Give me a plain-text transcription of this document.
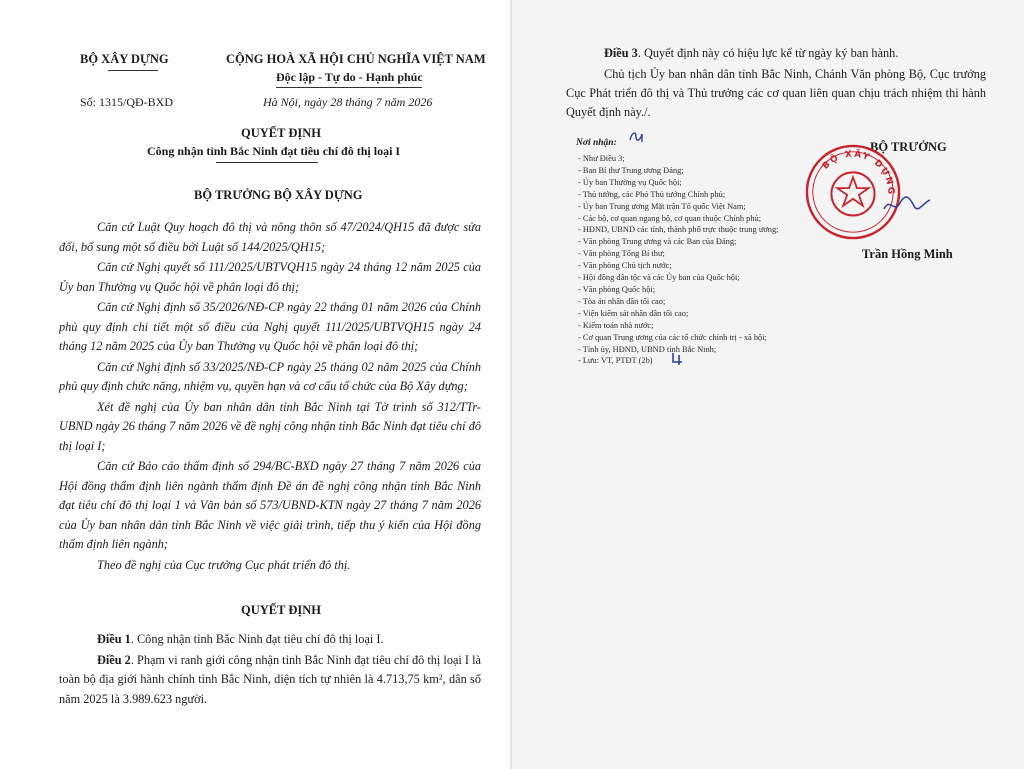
BỘ XÂY DỰNG
Số: 1315/QĐ-BXD
CỘNG HOÀ XÃ HỘI CHỦ NGHĨA VIỆT NAM
Độc lập - Tự do - Hạnh phúc
Hà Nội, ngày 28 tháng 7 năm 2026
QUYẾT ĐỊNH
Công nhận tỉnh Bắc Ninh đạt tiêu chí đô thị loại I
BỘ TRƯỞNG BỘ XÂY DỰNG

Căn cứ Luật Quy hoạch đô thị và nông thôn số 47/2024/QH15 đã được sửa đổi, bổ sung một số điều bởi Luật số 144/2025/QH15;

Căn cứ Nghị quyết số 111/2025/UBTVQH15 ngày 24 tháng 12 năm 2025 của Ủy ban Thường vụ Quốc hội về phân loại đô thị;

Căn cứ Nghị định số 35/2026/NĐ-CP ngày 22 tháng 01 năm 2026 của Chính phủ quy định chi tiết một số điều của Nghị quyết 111/2025/UBTVQH15 ngày 24 tháng 12 năm 2025 của Ủy ban Thường vụ Quốc hội về phân loại đô thị;

Căn cứ Nghị định số 33/2025/NĐ-CP ngày 25 tháng 02 năm 2025 của Chính phủ quy định chức năng, nhiệm vụ, quyền hạn và cơ cấu tổ chức của Bộ Xây dựng;

Xét đề nghị của Ủy ban nhân dân tỉnh Bắc Ninh tại Tờ trình số 312/TTr-UBND ngày 26 tháng 7 năm 2026 về đề nghị công nhận tỉnh Bắc Ninh đạt tiêu chí đô thị loại I;

Căn cứ Báo cáo thẩm định số 294/BC-BXD ngày 27 tháng 7 năm 2026 của Hội đồng thẩm định liên ngành thẩm định Đề án đề nghị công nhận tỉnh Bắc Ninh đạt tiêu chí đô thị loại 1 và Văn bản số 573/UBND-KTN ngày 27 tháng 7 năm 2026 của Ủy ban nhân dân tỉnh Bắc Ninh về việc giải trình, tiếp thu ý kiến của Hội đồng thẩm định liên ngành;

Theo đề nghị của Cục trưởng Cục phát triển đô thị.

QUYẾT ĐỊNH

Điều 1. Công nhận tỉnh Bắc Ninh đạt tiêu chí đô thị loại I.

Điều 2. Phạm vi ranh giới công nhận tỉnh Bắc Ninh đạt tiêu chí đô thị loại I là toàn bộ địa giới hành chính tỉnh Bắc Ninh, diện tích tự nhiên là 4.713,75 km², dân số năm 2025 là 3.989.623 người.

Điều 3. Quyết định này có hiệu lực kể từ ngày ký ban hành.

Chủ tịch Ủy ban nhân dân tỉnh Bắc Ninh, Chánh Văn phòng Bộ, Cục trưởng Cục Phát triển đô thị và Thủ trưởng các cơ quan liên quan chịu trách nhiệm thi hành Quyết định này./.

Nơi nhận:
- Như Điều 3;
- Ban Bí thư Trung ương Đảng;
- Ủy ban Thường vụ Quốc hội;
- Thủ tướng, các Phó Thủ tướng Chính phủ;
- Ủy ban Trung ương Mặt trận Tổ quốc Việt Nam;
- Các bộ, cơ quan ngang bộ, cơ quan thuộc Chính phủ;
- HĐND, UBND các tỉnh, thành phố trực thuộc trung ương;
- Văn phòng Trung ương và các Ban của Đảng;
- Văn phòng Tổng Bí thư;
- Văn phòng Chủ tịch nước;
- Hội đồng dân tộc và các Ủy ban của Quốc hội;
- Văn phòng Quốc hội;
- Tòa án nhân dân tối cao;
- Viện kiểm sát nhân dân tối cao;
- Kiểm toán nhà nước;
- Cơ quan Trung ương của các tổ chức chính trị - xã hội;
- Tỉnh ủy, HĐND, UBND tỉnh Bắc Ninh;
- Lưu: VT, PTĐT (2b)
BỘ TRƯỞNG
BỘ XÂY DỰNG
Trần Hồng Minh
